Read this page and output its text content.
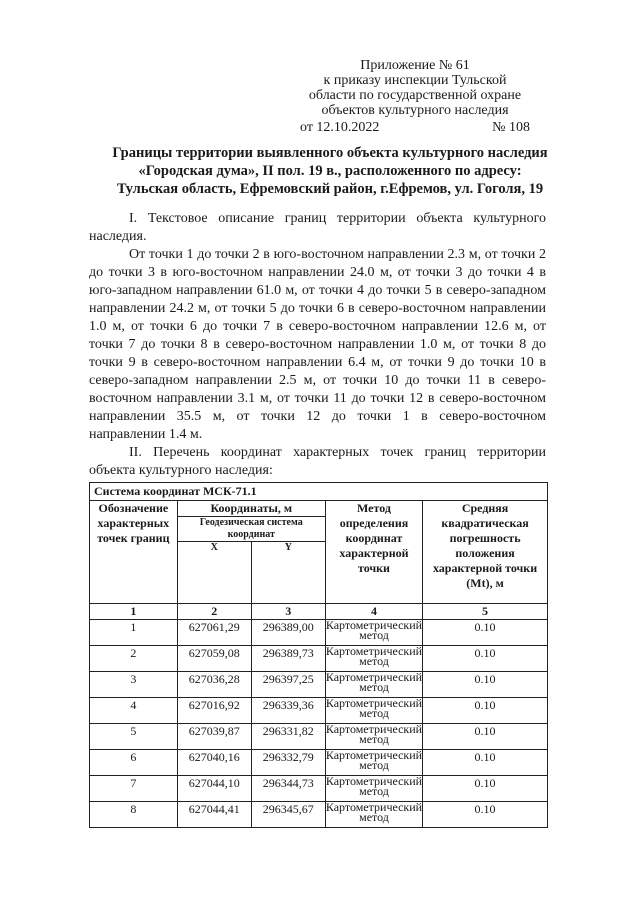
Приложение № 61
к приказу инспекции Тульской
области по государственной охране
объектов культурного наследия
от 12.10.2022	№ 108
Границы территории выявленного объекта культурного наследия
«Городская дума», II пол. 19 в., расположенного по адресу:
Тульская область, Ефремовский район, г.Ефремов, ул. Гоголя, 19

I. Текстовое описание границ территории объекта культурного наследия.

От точки 1 до точки 2 в юго-восточном направлении 2.3 м, от точки 2 до точки 3 в юго-восточном направлении 24.0 м, от точки 3 до точки 4 в юго-западном направлении 61.0 м, от точки 4 до точки 5 в северо-западном направлении 24.2 м, от точки 5 до точки 6 в северо-восточном направлении 1.0 м, от точки 6 до точки 7 в северо-восточном направлении 12.6 м, от точки 7 до точки 8 в северо-восточном направлении 1.0 м, от точки 8 до точки 9 в северо-восточном направлении 6.4 м, от точки 9 до точки 10 в северо-западном направлении 2.5 м, от точки 10 до точки 11 в северо-восточном направлении 3.1 м, от точки 11 до точки 12 в северо-восточном направлении 35.5 м, от точки 12 до точки 1 в северо-восточном направлении 1.4 м.

II. Перечень координат характерных точек границ территории объекта культурного наследия:

Система координат МСК-71.1				
Обозначение характерных точек границ	Координаты, м		Метод определения координат характерной точки	Средняя квадратическая погрешность положения характерной точки (Mt), м
	Геодезическая система координат			
	X	Y		
1	2	3	4	5
1	627061,29	296389,00	Картометрический метод	0.10
2	627059,08	296389,73	Картометрический метод	0.10
3	627036,28	296397,25	Картометрический метод	0.10
4	627016,92	296339,36	Картометрический метод	0.10
5	627039,87	296331,82	Картометрический метод	0.10
6	627040,16	296332,79	Картометрический метод	0.10
7	627044,10	296344,73	Картометрический метод	0.10
8	627044,41	296345,67	Картометрический метод	0.10
